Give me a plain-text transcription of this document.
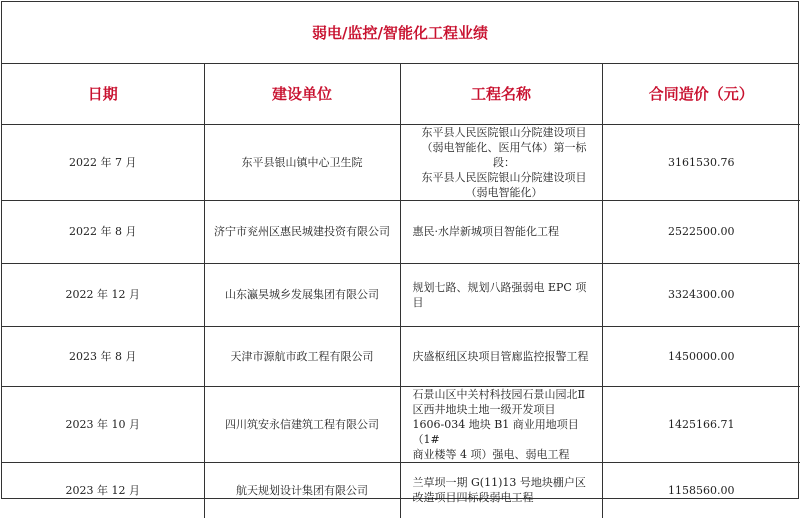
弱电/监控/智能化工程业绩
日期	建设单位	工程名称	合同造价（元）
2022 年 7 月	东平县银山镇中心卫生院	东平县人民医院银山分院建设项目
（弱电智能化、医用气体）第一标段：
东平县人民医院银山分院建设项目
（弱电智能化）	3161530.76
2022 年 8 月	济宁市兖州区惠民城建投资有限公司	惠民·水岸新城项目智能化工程	2522500.00
2022 年 12 月	山东瀛昊城乡发展集团有限公司	规划七路、规划八路强弱电 EPC 项目	3324300.00
2023 年 8 月	天津市源航市政工程有限公司	庆盛枢纽区块项目管廊监控报警工程	1450000.00
2023 年 10 月	四川筑安永信建筑工程有限公司	石景山区中关村科技园石景山园北Ⅱ
区西井地块土地一级开发项目
1606-034 地块 B1 商业用地项目（1#
商业楼等 4 项）强电、弱电工程	1425166.71
2023 年 12 月	航天规划设计集团有限公司	兰草坝一期 G(11)13 号地块棚户区
改造项目四标段弱电工程	1158560.00
